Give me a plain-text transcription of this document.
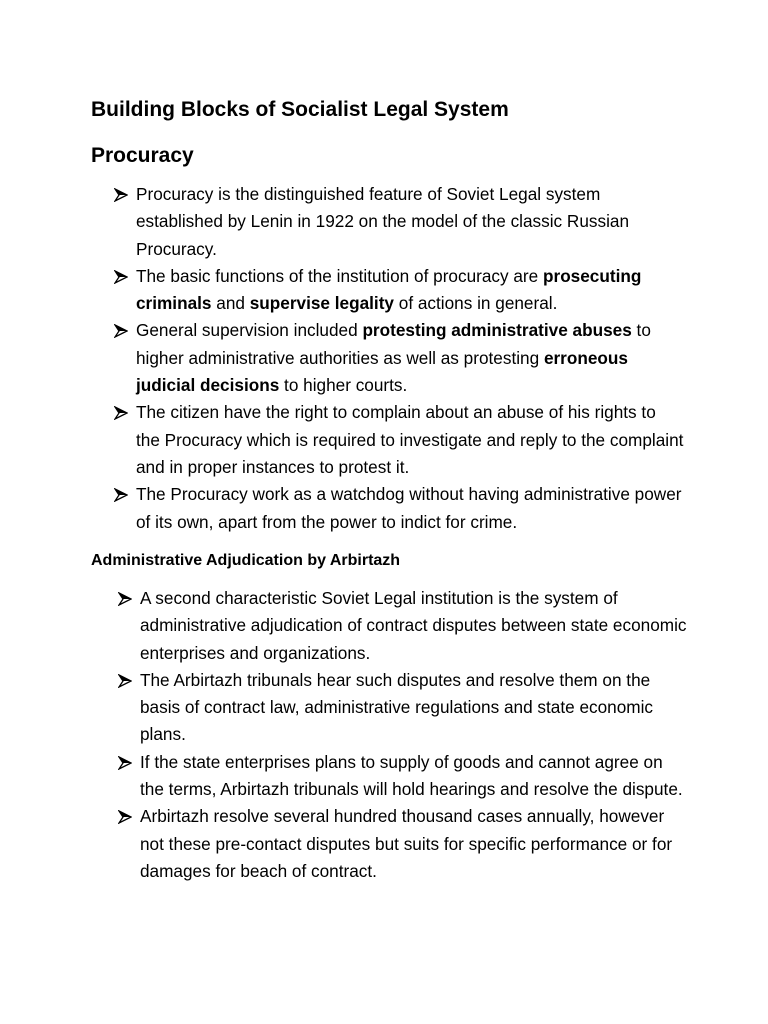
Building Blocks of Socialist Legal System
Procuracy
Procuracy is the distinguished feature of Soviet Legal system established by Lenin in 1922 on the model of the classic Russian Procuracy.
The basic functions of the institution of procuracy are prosecuting criminals and supervise legality of actions in general.
General supervision included protesting administrative abuses to higher administrative authorities as well as protesting erroneous judicial decisions to higher courts.
The citizen have the right to complain about an abuse of his rights to the Procuracy which is required to investigate and reply to the complaint and in proper instances to protest it.
The Procuracy work as a watchdog without having administrative power of its own, apart from the power to indict for crime.
Administrative Adjudication by Arbirtazh
A second characteristic Soviet Legal institution is the system of administrative adjudication of contract disputes between state economic enterprises and organizations.
The Arbirtazh tribunals hear such disputes and resolve them on the basis of contract law, administrative regulations and state economic plans.
If the state enterprises plans to supply of goods and cannot agree on the terms, Arbirtazh tribunals will hold hearings and resolve the dispute.
Arbirtazh resolve several hundred thousand cases annually, however not these pre-contact disputes but suits for specific performance or for damages for beach of contract.
